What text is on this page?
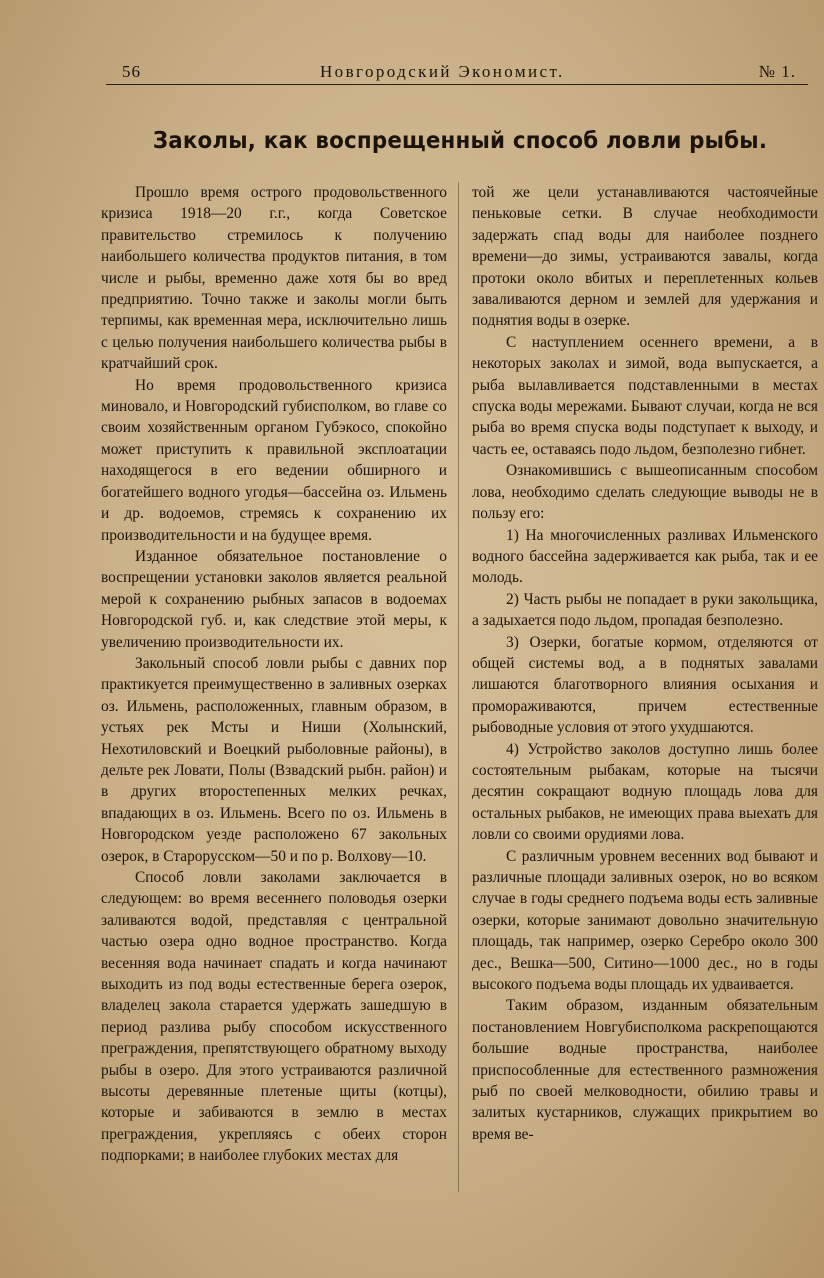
56	Новгородский Экономист.	№ 1.
Заколы, как воспрещенный способ ловли рыбы.

Прошло время острого продовольственного кризиса 1918—20 г.г., когда Советское правительство стремилось к получению наибольшего количества продуктов питания, в том числе и рыбы, временно даже хотя бы во вред предприятию. Точно также и заколы могли быть терпимы, как временная мера, исключительно лишь с целью получения наибольшего количества рыбы в кратчайший срок.

Но время продовольственного кризиса миновало, и Новгородский губисполком, во главе со своим хозяйственным органом Губэкосо, спокойно может приступить к правильной эксплоатации находящегося в его ведении обширного и богатейшего водного угодья—бассейна оз. Ильмень и др. водоемов, стремясь к сохранению их производительности и на будущее время.

Изданное обязательное постановление о воспрещении установки заколов является реальной мерой к сохранению рыбных запасов в водоемах Новгородской губ. и, как следствие этой меры, к увеличению производительности их.

Закольный способ ловли рыбы с давних пор практикуется преимущественно в заливных озерках оз. Ильмень, расположенных, главным образом, в устьях рек Мсты и Ниши (Холынский, Нехотиловский и Воецкий рыболовные районы), в дельте рек Ловати, Полы (Взвадский рыбн. район) и в других второстепенных мелких речках, впадающих в оз. Ильмень. Всего по оз. Ильмень в Новгородском уезде расположено 67 закольных озерок, в Старорусском—50 и по р. Волхову—10.

Способ ловли заколами заключается в следующем: во время весеннего половодья озерки заливаются водой, представляя с центральной частью озера одно водное пространство. Когда весенняя вода начинает спадать и когда начинают выходить из под воды естественные берега озерок, владелец закола старается удержать зашедшую в период разлива рыбу способом искусственного преграждения, препятствующего обратному выходу рыбы в озеро. Для этого устраиваются различной высоты деревянные плетеные щиты (котцы), которые и забиваются в землю в местах преграждения, укрепляясь с обеих сторон подпорками; в наиболее глубоких местах для

той же цели устанавливаются частоячейные пеньковые сетки. В случае необходимости задержать спад воды для наиболее позднего времени—до зимы, устраиваются завалы, когда протоки около вбитых и переплетенных кольев заваливаются дерном и землей для удержания и поднятия воды в озерке.

С наступлением осеннего времени, а в некоторых заколах и зимой, вода выпускается, а рыба вылавливается подставленными в местах спуска воды мережами. Бывают случаи, когда не вся рыба во время спуска воды подступает к выходу, и часть ее, оставаясь подо льдом, безполезно гибнет.

Ознакомившись с вышеописанным способом лова, необходимо сделать следующие выводы не в пользу его:

1) На многочисленных разливах Ильменского водного бассейна задерживается как рыба, так и ее молодь.

2) Часть рыбы не попадает в руки закольщика, а задыхается подо льдом, пропадая безполезно.

3) Озерки, богатые кормом, отделяются от общей системы вод, а в поднятых завалами лишаются благотворного влияния осыхания и проморaживаются, причем естественные рыбоводные условия от этого ухудшаются.

4) Устройство заколов доступно лишь более состоятельным рыбакам, которые на тысячи десятин сокращают водную площадь лова для остальных рыбаков, не имеющих права выехать для ловли со своими орудиями лова.

С различным уровнем весенних вод бывают и различные площади заливных озерок, но во всяком случае в годы среднего подъема воды есть заливные озерки, которые занимают довольно значительную площадь, так например, озерко Серебро около 300 дес., Вешка—500, Ситино—1000 дес., но в годы высокого подъема воды площадь их удваивается.

Таким образом, изданным обязательным постановлением Новгубисполкома раскрепощаются большие водные пространства, наиболее приспособленные для естественного размножения рыб по своей мелководности, обилию травы и залитых кустарников, служащих прикрытием во время ве-
